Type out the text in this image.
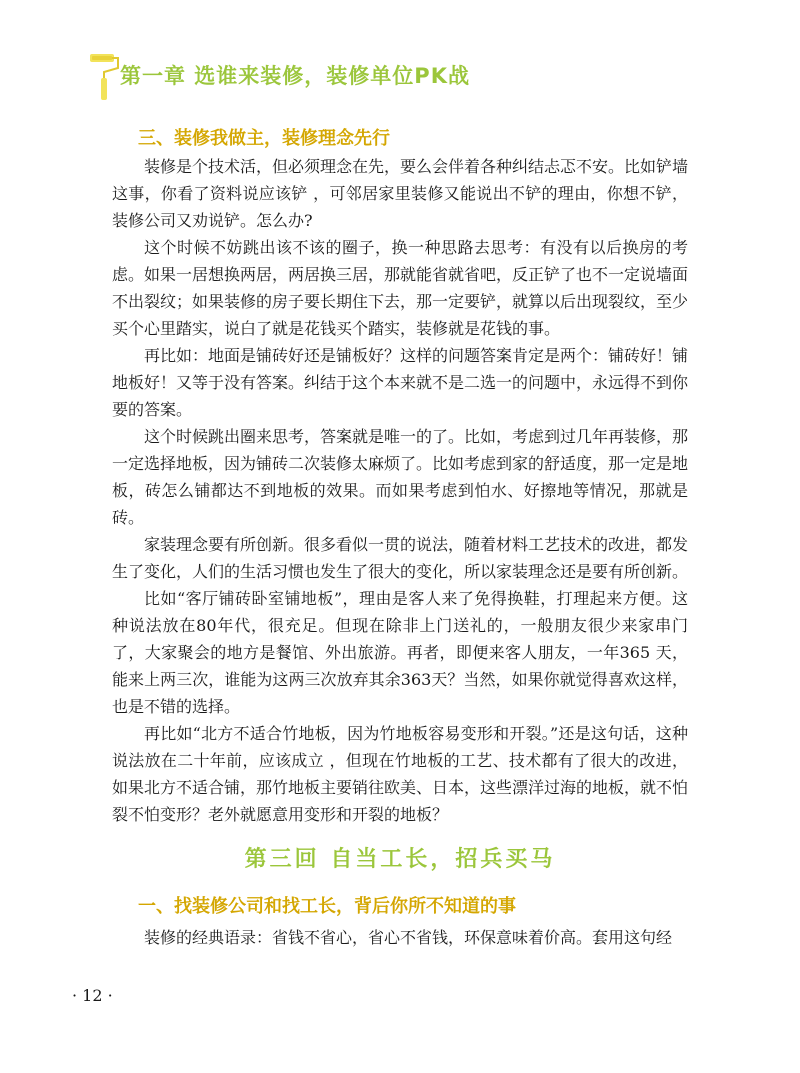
第一章 选谁来装修，装修单位PK战
三、装修我做主，装修理念先行

装修是个技术活，但必须理念在先，要么会伴着各种纠结忐忑不安。比如铲墙这事，你看了资料说应该铲 ，可邻居家里装修又能说出不铲的理由，你想不铲，装修公司又劝说铲。怎么办?

这个时候不妨跳出该不该的圈子，换一种思路去思考：有没有以后换房的考虑。如果一居想换两居，两居换三居，那就能省就省吧，反正铲了也不一定说墙面不出裂纹；如果装修的房子要长期住下去，那一定要铲，就算以后出现裂纹，至少买个心里踏实，说白了就是花钱买个踏实，装修就是花钱的事。

再比如：地面是铺砖好还是铺板好？这样的问题答案肯定是两个：铺砖好！铺地板好！又等于没有答案。纠结于这个本来就不是二选一的问题中，永远得不到你要的答案。

这个时候跳出圈来思考，答案就是唯一的了。比如，考虑到过几年再装修，那一定选择地板，因为铺砖二次装修太麻烦了。比如考虑到家的舒适度，那一定是地板，砖怎么铺都达不到地板的效果。而如果考虑到怕水、好擦地等情况，那就是砖。

家装理念要有所创新。很多看似一贯的说法，随着材料工艺技术的改进，都发生了变化，人们的生活习惯也发生了很大的变化，所以家装理念还是要有所创新。

比如“客厅铺砖卧室铺地板”，理由是客人来了免得换鞋，打理起来方便。这种说法放在80年代，很充足。但现在除非上门送礼的，一般朋友很少来家串门了，大家聚会的地方是餐馆、外出旅游。再者，即便来客人朋友，一年365 天，能来上两三次，谁能为这两三次放弃其余363天？当然，如果你就觉得喜欢这样，也是不错的选择。

再比如“北方不适合竹地板，因为竹地板容易变形和开裂。”还是这句话，这种说法放在二十年前，应该成立 ，但现在竹地板的工艺、技术都有了很大的改进，如果北方不适合铺，那竹地板主要销往欧美、日本，这些漂洋过海的地板，就不怕裂不怕变形？老外就愿意用变形和开裂的地板？

第三回 自当工长，招兵买马
一、找装修公司和找工长，背后你所不知道的事

装修的经典语录：省钱不省心，省心不省钱，环保意味着价高。套用这句经

· 12 ·
